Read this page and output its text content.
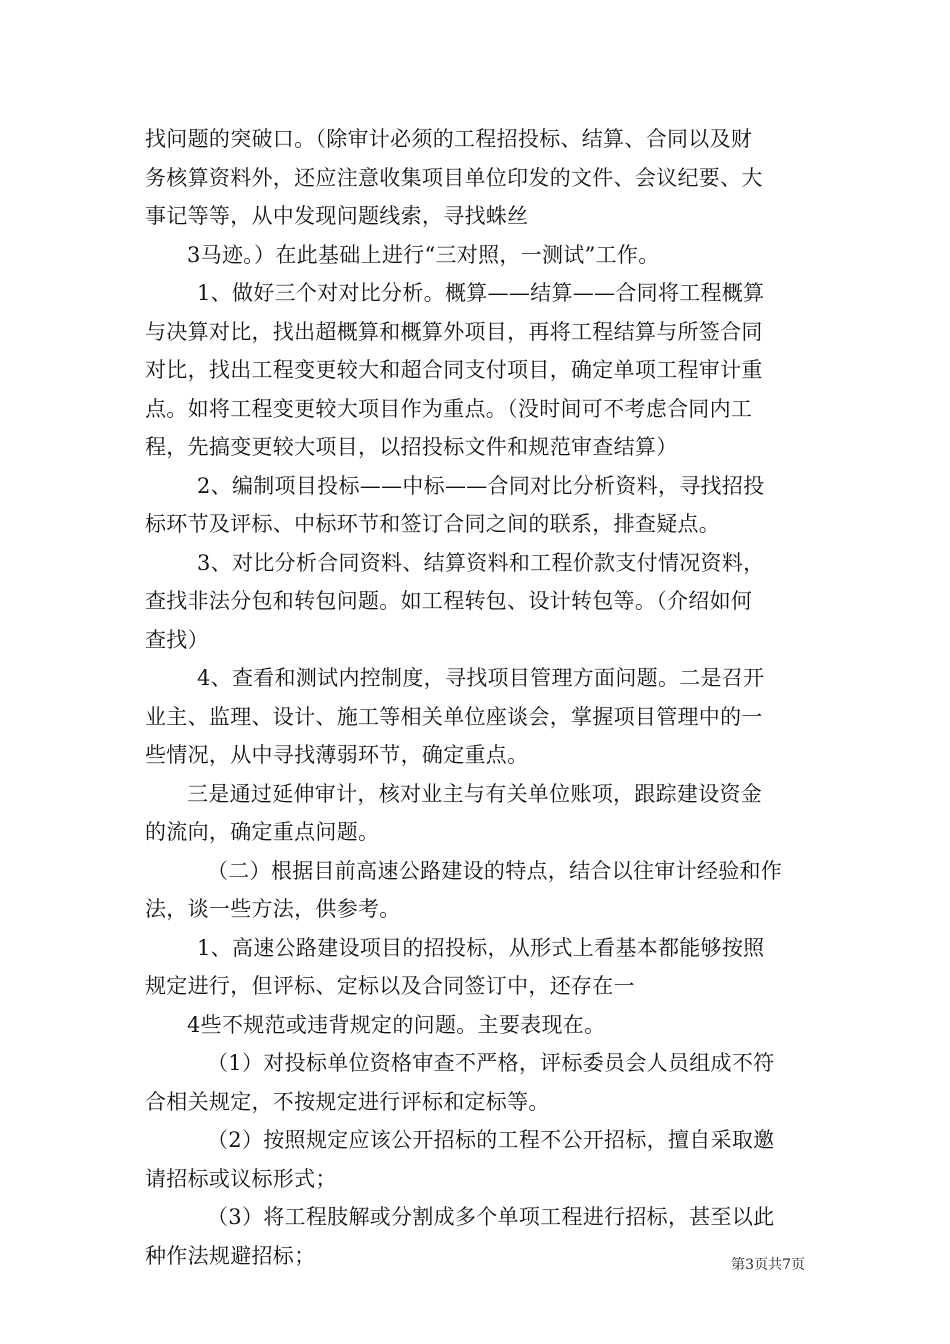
找问题的突破口。（除审计必须的工程招投标、结算、合同以及财
务核算资料外，还应注意收集项目单位印发的文件、会议纪要、大
事记等等，从中发现问题线索，寻找蛛丝
3马迹。）在此基础上进行“三对照，一测试”工作。
1、做好三个对对比分析。概算——结算——合同将工程概算
与决算对比，找出超概算和概算外项目，再将工程结算与所签合同
对比，找出工程变更较大和超合同支付项目，确定单项工程审计重
点。如将工程变更较大项目作为重点。（没时间可不考虑合同内工
程，先搞变更较大项目，以招投标文件和规范审查结算）
2、编制项目投标——中标——合同对比分析资料，寻找招投
标环节及评标、中标环节和签订合同之间的联系，排查疑点。
3、对比分析合同资料、结算资料和工程价款支付情况资料，
查找非法分包和转包问题。如工程转包、设计转包等。（介绍如何
查找）
4、查看和测试内控制度，寻找项目管理方面问题。二是召开
业主、监理、设计、施工等相关单位座谈会，掌握项目管理中的一
些情况，从中寻找薄弱环节，确定重点。
三是通过延伸审计，核对业主与有关单位账项，跟踪建设资金
的流向，确定重点问题。
（二）根据目前高速公路建设的特点，结合以往审计经验和作
法，谈一些方法，供参考。
1、高速公路建设项目的招投标，从形式上看基本都能够按照
规定进行，但评标、定标以及合同签订中，还存在一
4些不规范或违背规定的问题。主要表现在。
（1）对投标单位资格审查不严格，评标委员会人员组成不符
合相关规定，不按规定进行评标和定标等。
（2）按照规定应该公开招标的工程不公开招标，擅自采取邀
请招标或议标形式；
（3）将工程肢解或分割成多个单项工程进行招标，甚至以此
种作法规避招标；	第3页共7页
